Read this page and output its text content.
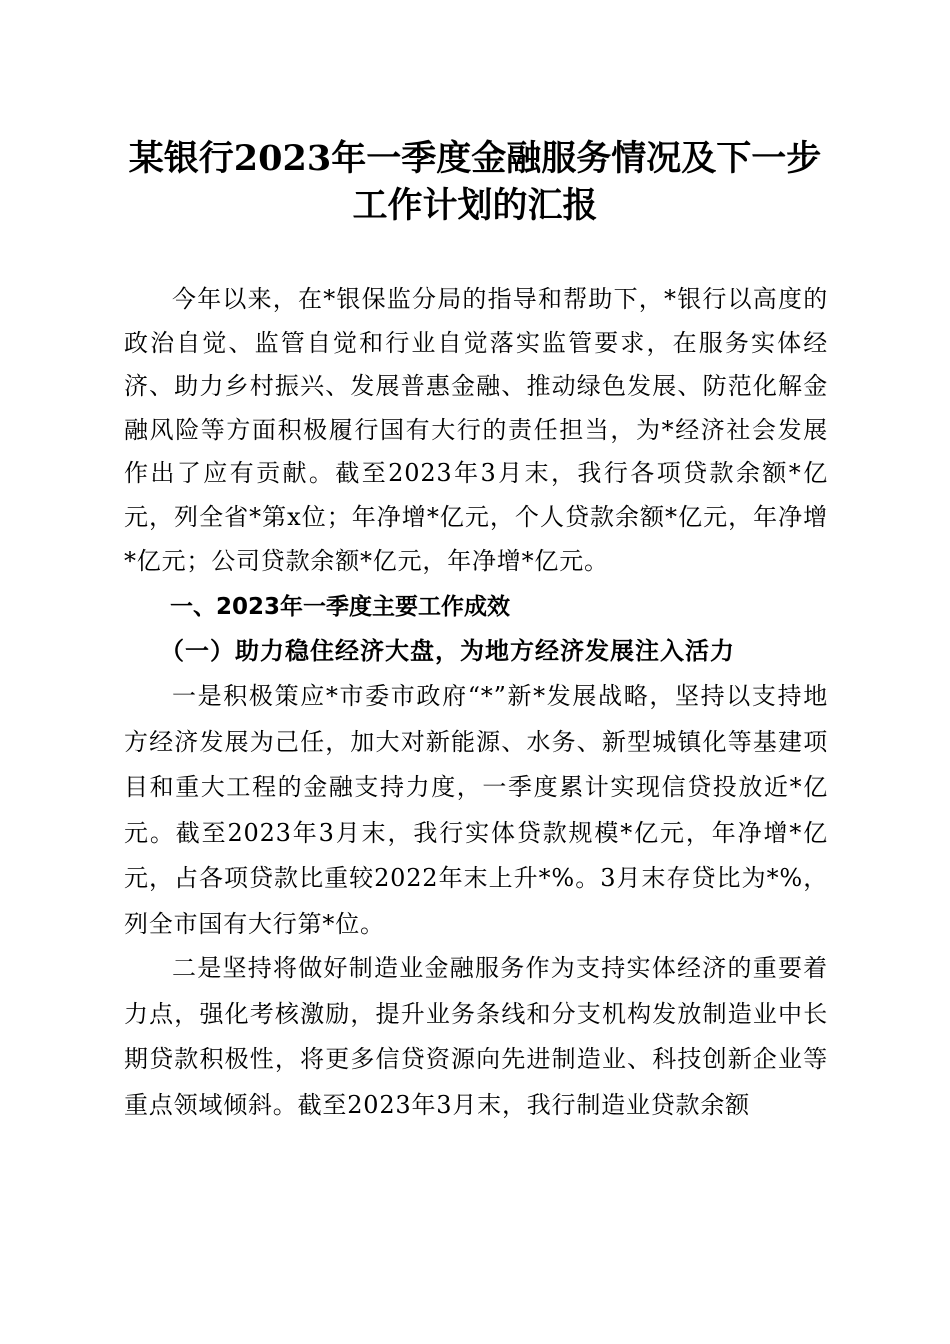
某银行2023年一季度金融服务情况及下一步
工作计划的汇报

今年以来，在*银保监分局的指导和帮助下，*银行以高度的政治自觉、监管自觉和行业自觉落实监管要求，在服务实体经济、助力乡村振兴、发展普惠金融、推动绿色发展、防范化解金融风险等方面积极履行国有大行的责任担当，为*经济社会发展作出了应有贡献。截至2023年3月末，我行各项贷款余额*亿元，列全省*第x位；年净增*亿元，个人贷款余额*亿元，年净增*亿元；公司贷款余额*亿元，年净增*亿元。

一、2023年一季度主要工作成效
（一）助力稳住经济大盘，为地方经济发展注入活力

一是积极策应*市委市政府“*”新*发展战略，坚持以支持地方经济发展为己任，加大对新能源、水务、新型城镇化等基建项目和重大工程的金融支持力度，一季度累计实现信贷投放近*亿元。截至2023年3月末，我行实体贷款规模*亿元，年净增*亿元，占各项贷款比重较2022年末上升*%。3月末存贷比为*%，列全市国有大行第*位。

二是坚持将做好制造业金融服务作为支持实体经济的重要着力点，强化考核激励，提升业务条线和分支机构发放制造业中长期贷款积极性，将更多信贷资源向先进制造业、科技创新企业等重点领域倾斜。截至2023年3月末，我行制造业贷款余额
